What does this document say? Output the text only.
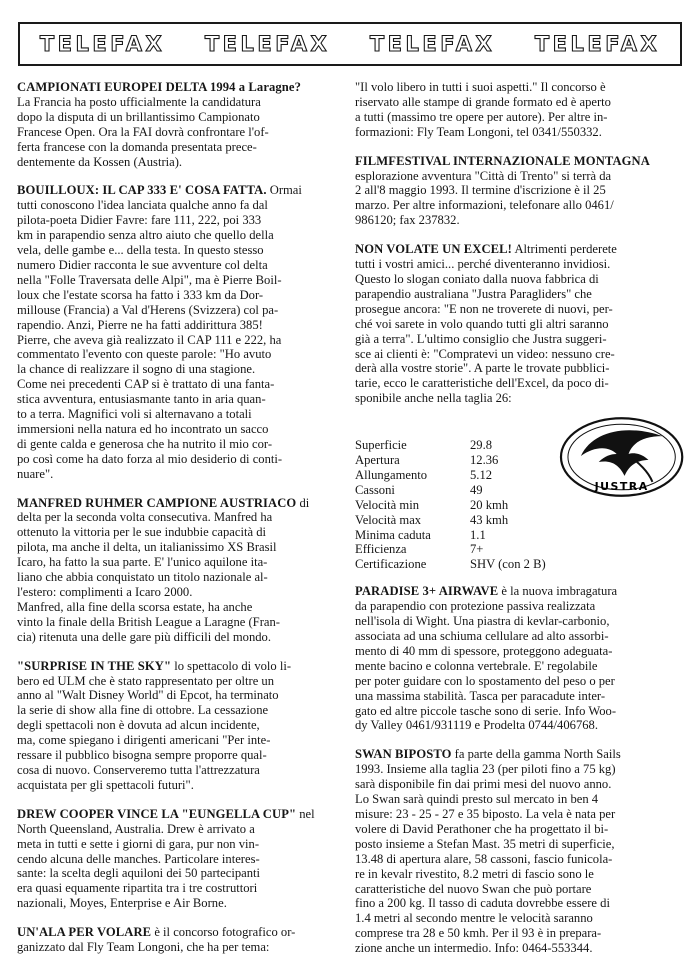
TELEFAX TELEFAX TELEFAX TELEFAX

CAMPIONATI EUROPEI DELTA 1994 a Laragne?
La Francia ha posto ufficialmente la candidatura
dopo la disputa di un brillantissimo Campionato
Francese Open. Ora la FAI dovrà confrontare l'of-
ferta francese con la domanda presentata prece-
dentemente da Kossen (Austria).

BOUILLOUX: IL CAP 333 E' COSA FATTA. Ormai
tutti conoscono l'idea lanciata qualche anno fa dal
pilota-poeta Didier Favre: fare 111, 222, poi 333
km in parapendio senza altro aiuto che quello della
vela, delle gambe e... della testa. In questo stesso
numero Didier racconta le sue avventure col delta
nella "Folle Traversata delle Alpi", ma è Pierre Boil-
loux che l'estate scorsa ha fatto i 333 km da Dor-
millouse (Francia) a Val d'Herens (Svizzera) col pa-
rapendio. Anzi, Pierre ne ha fatti addirittura 385!
Pierre, che aveva già realizzato il CAP 111 e 222, ha
commentato l'evento con queste parole: "Ho avuto
la chance di realizzare il sogno di una stagione.
Come nei precedenti CAP si è trattato di una fanta-
stica avventura, entusiasmante tanto in aria quan-
to a terra. Magnifici voli si alternavano a totali
immersioni nella natura ed ho incontrato un sacco
di gente calda e generosa che ha nutrito il mio cor-
po così come ha dato forza al mio desiderio di conti-
nuare".

MANFRED RUHMER CAMPIONE AUSTRIACO di
delta per la seconda volta consecutiva. Manfred ha
ottenuto la vittoria per le sue indubbie capacità di
pilota, ma anche il delta, un italianissimo XS Brasil
Icaro, ha fatto la sua parte. E' l'unico aquilone ita-
liano che abbia conquistato un titolo nazionale al-
l'estero: complimenti a Icaro 2000.
Manfred, alla fine della scorsa estate, ha anche
vinto la finale della British League a Laragne (Fran-
cia) ritenuta una delle gare più difficili del mondo.

"SURPRISE IN THE SKY" lo spettacolo di volo li-
bero ed ULM che è stato rappresentato per oltre un
anno al "Walt Disney World" di Epcot, ha terminato
la serie di show alla fine di ottobre. La cessazione
degli spettacoli non è dovuta ad alcun incidente,
ma, come spiegano i dirigenti americani "Per inte-
ressare il pubblico bisogna sempre proporre qual-
cosa di nuovo. Conserveremo tutta l'attrezzatura
acquistata per gli spettacoli futuri".

DREW COOPER VINCE LA "EUNGELLA CUP" nel
North Queensland, Australia. Drew è arrivato a
meta in tutti e sette i giorni di gara, pur non vin-
cendo alcuna delle manches. Particolare interes-
sante: la scelta degli aquiloni dei 50 partecipanti
era quasi equamente ripartita tra i tre costruttori
nazionali, Moyes, Enterprise e Air Borne.

UN'ALA PER VOLARE è il concorso fotografico or-
ganizzato dal Fly Team Longoni, che ha per tema:

"Il volo libero in tutti i suoi aspetti." Il concorso è
riservato alle stampe di grande formato ed è aperto
a tutti (massimo tre opere per autore). Per altre in-
formazioni: Fly Team Longoni, tel 0341/550332.

FILMFESTIVAL INTERNAZIONALE MONTAGNA
esplorazione avventura "Città di Trento" si terrà da
2 all'8 maggio 1993. Il termine d'iscrizione è il 25
marzo. Per altre informazioni, telefonare allo 0461/
986120; fax 237832.

NON VOLATE UN EXCEL! Altrimenti perderete
tutti i vostri amici... perché diventeranno invidiosi.
Questo lo slogan coniato dalla nuova fabbrica di
parapendio australiana "Justra Paragliders" che
prosegue ancora: "E non ne troverete di nuovi, per-
ché voi sarete in volo quando tutti gli altri saranno
già a terra". L'ultimo consiglio che Justra suggeri-
sce ai clienti è: "Compratevi un video: nessuno cre-
derà alla vostre storie". A parte le trovate pubblici-
tarie, ecco le caratteristiche dell'Excel, da poco di-
sponibile anche nella taglia 26:

Superficie	29.8
Apertura	12.36
Allungamento	5.12
Cassoni	49
Velocità min	20 kmh
Velocità max	43 kmh
Minima caduta	1.1
Efficienza	7+
Certificazione	SHV (con 2 B)
JUSTRA

PARADISE 3+ AIRWAVE è la nuova imbragatura
da parapendio con protezione passiva realizzata
nell'isola di Wight. Una piastra di kevlar-carbonio,
associata ad una schiuma cellulare ad alto assorbi-
mento di 40 mm di spessore, proteggono adeguata-
mente bacino e colonna vertebrale. E' regolabile
per poter guidare con lo spostamento del peso o per
una massima stabilità. Tasca per paracadute inter-
gato ed altre piccole tasche sono di serie. Info Woo-
dy Valley 0461/931119 e Prodelta 0744/406768.

SWAN BIPOSTO fa parte della gamma North Sails
1993. Insieme alla taglia 23 (per piloti fino a 75 kg)
sarà disponibile fin dai primi mesi del nuovo anno.
Lo Swan sarà quindi presto sul mercato in ben 4
misure: 23 - 25 - 27 e 35 biposto. La vela è nata per
volere di David Perathoner che ha progettato il bi-
posto insieme a Stefan Mast. 35 metri di superficie,
13.48 di apertura alare, 58 cassoni, fascio funicola-
re in kevalr rivestito, 8.2 metri di fascio sono le
caratteristiche del nuovo Swan che può portare
fino a 200 kg. Il tasso di caduta dovrebbe essere di
1.4 metri al secondo mentre le velocità saranno
comprese tra 28 e 50 kmh. Per il 93 è in prepara-
zione anche un intermedio. Info: 0464-553344.
